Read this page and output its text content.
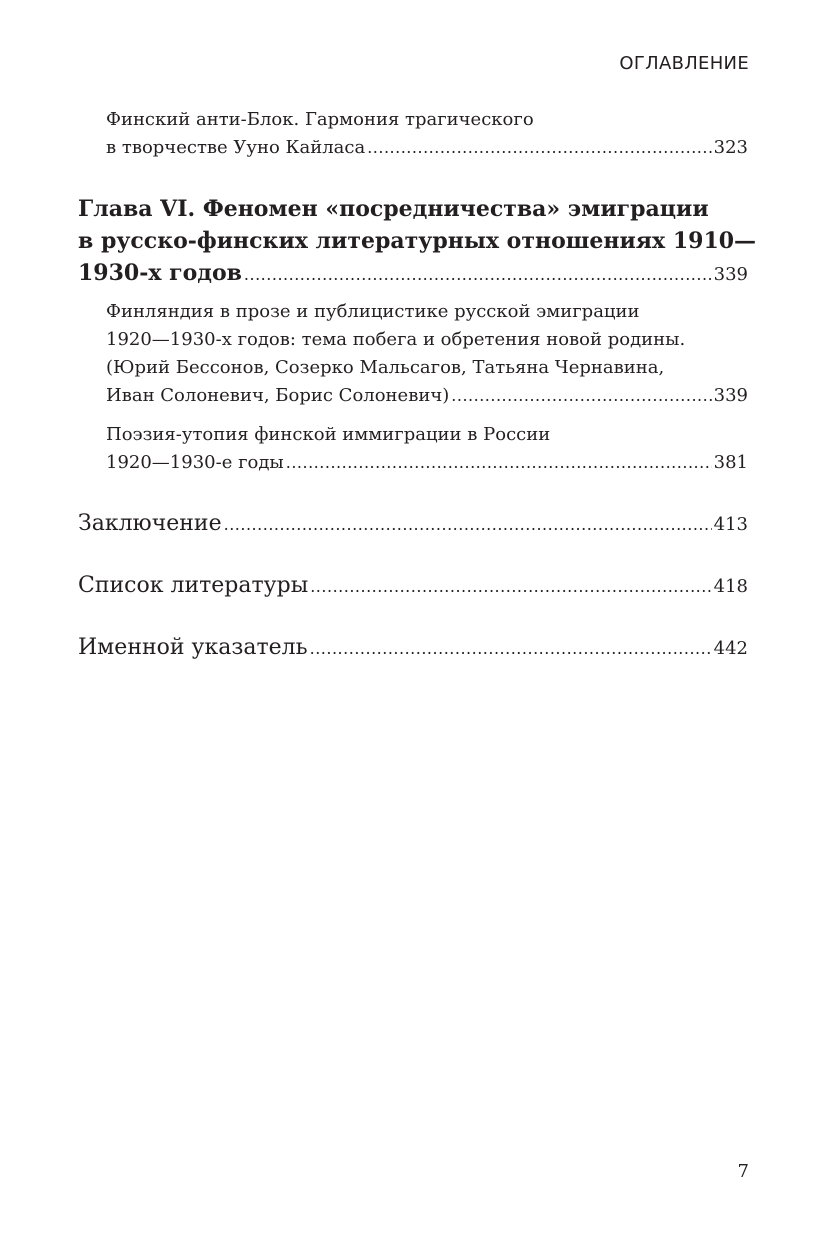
ОГЛАВЛЕНИЕ
Финский анти-Блок. Гармония трагического
в творчестве Ууно Кайласа .....	323
Глава VI. Феномен «посредничества» эмиграции
в русско-финских литературных отношениях 1910—
1930-х годов .....	339
Финляндия в прозе и публицистике русской эмиграции
1920—1930-х годов: тема побега и обретения новой родины.
(Юрий Бессонов, Созерко Мальсагов, Татьяна Чернавина,
Иван Солоневич, Борис Солоневич) .....	339
Поэзия-утопия финской иммиграции в России
1920—1930-е годы .....	381
Заключение .....	413
Список литературы .....	418
Именной указатель .....	442
7
